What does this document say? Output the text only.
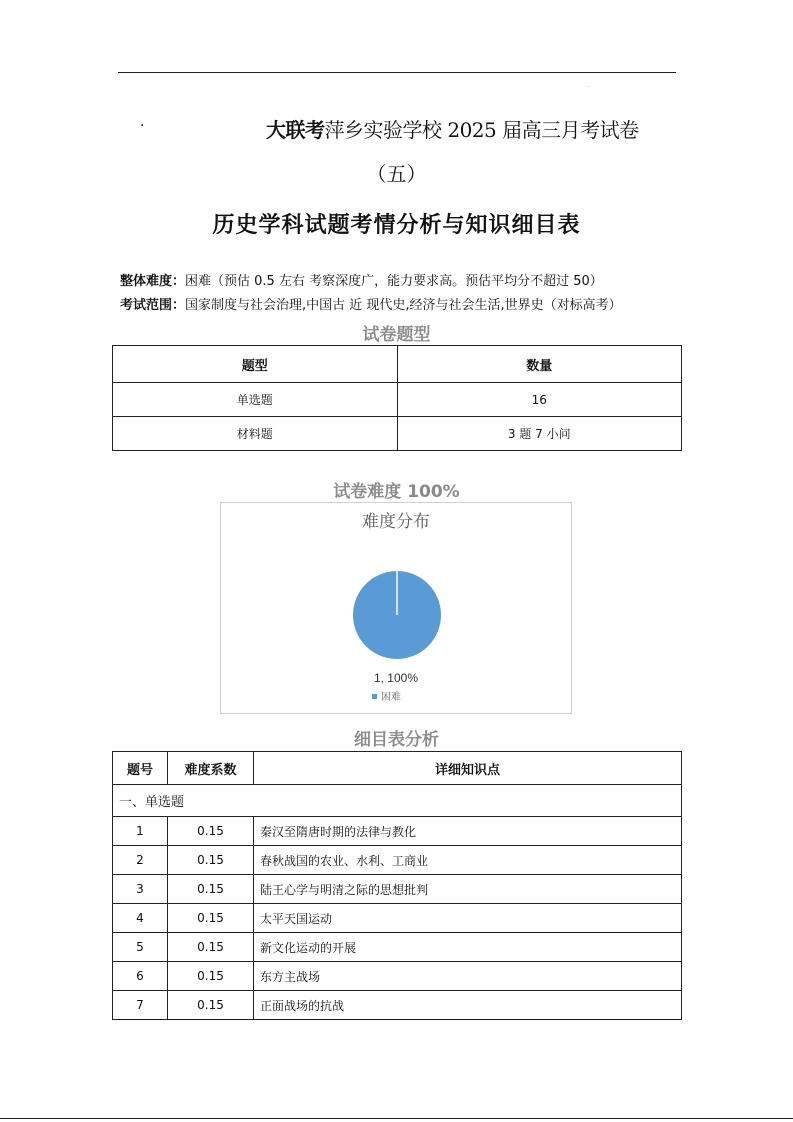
.
·	大联考萍乡实验学校 2025 届高三月考试卷
（五）
历史学科试题考情分析与知识细目表
整体难度：困难（预估 0.5 左右 考察深度广，能力要求高。预估平均分不超过 50）
考试范围：国家制度与社会治理,中国古 近 现代史,经济与社会生活,世界史（对标高考）
试卷题型
题型	数量
单选题	16
材料题	3 题 7 小问
试卷难度 100%
难度分布
1, 100%
困难
细目表分析
题号	难度系数	详细知识点
一、单选题		
1	0.15	秦汉至隋唐时期的法律与教化
2	0.15	春秋战国的农业、水利、工商业
3	0.15	陆王心学与明清之际的思想批判
4	0.15	太平天国运动
5	0.15	新文化运动的开展
6	0.15	东方主战场
7	0.15	正面战场的抗战
